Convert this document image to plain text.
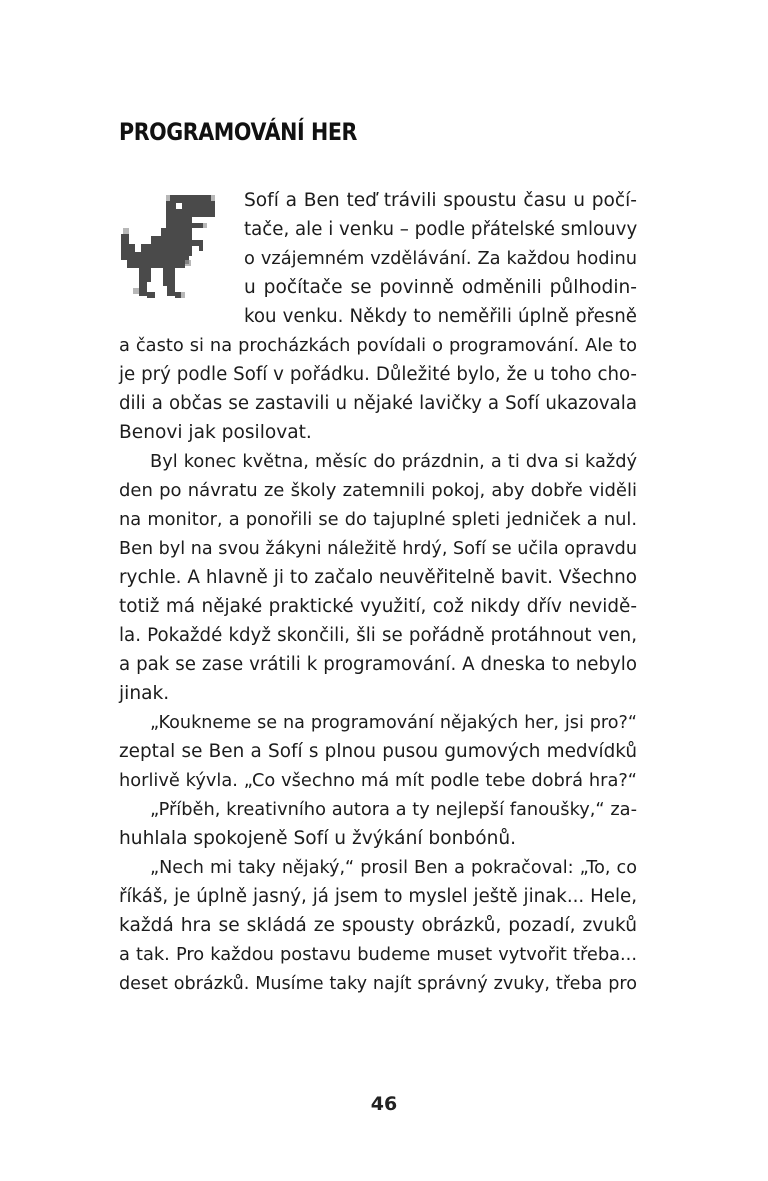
PROGRAMOVÁNÍ HER

Sofí a Ben teď trávili spoustu času u počí-

tače, ale i venku – podle přátelské smlouvy

o vzájemném vzdělávání. Za každou hodinu

u počítače se povinně odměnili půlhodin-

kou venku. Někdy to neměřili úplně přesně

a často si na procházkách povídali o programování. Ale to

je prý podle Sofí v pořádku. Důležité bylo, že u toho cho-

dili a občas se zastavili u nějaké lavičky a Sofí ukazovala

Benovi jak posilovat.

Byl konec května, měsíc do prázdnin, a ti dva si každý

den po návratu ze školy zatemnili pokoj, aby dobře viděli

na monitor, a ponořili se do tajuplné spleti jedniček a nul.

Ben byl na svou žákyni náležitě hrdý, Sofí se učila opravdu

rychle. A hlavně ji to začalo neuvěřitelně bavit. Všechno

totiž má nějaké praktické využití, což nikdy dřív nevidě-

la. Pokaždé když skončili, šli se pořádně protáhnout ven,

a pak se zase vrátili k programování. A dneska to nebylo

jinak.

„Koukneme se na programování nějakých her, jsi pro?“

zeptal se Ben a Sofí s plnou pusou gumových medvídků

horlivě kývla. „Co všechno má mít podle tebe dobrá hra?“

„Příběh, kreativního autora a ty nejlepší fanoušky,“ za-

huhlala spokojeně Sofí u žvýkání bonbónů.

„Nech mi taky nějaký,“ prosil Ben a pokračoval: „To, co

říkáš, je úplně jasný, já jsem to myslel ještě jinak... Hele,

každá hra se skládá ze spousty obrázků, pozadí, zvuků

a tak. Pro každou postavu budeme muset vytvořit třeba...

deset obrázků. Musíme taky najít správný zvuky, třeba pro

46
